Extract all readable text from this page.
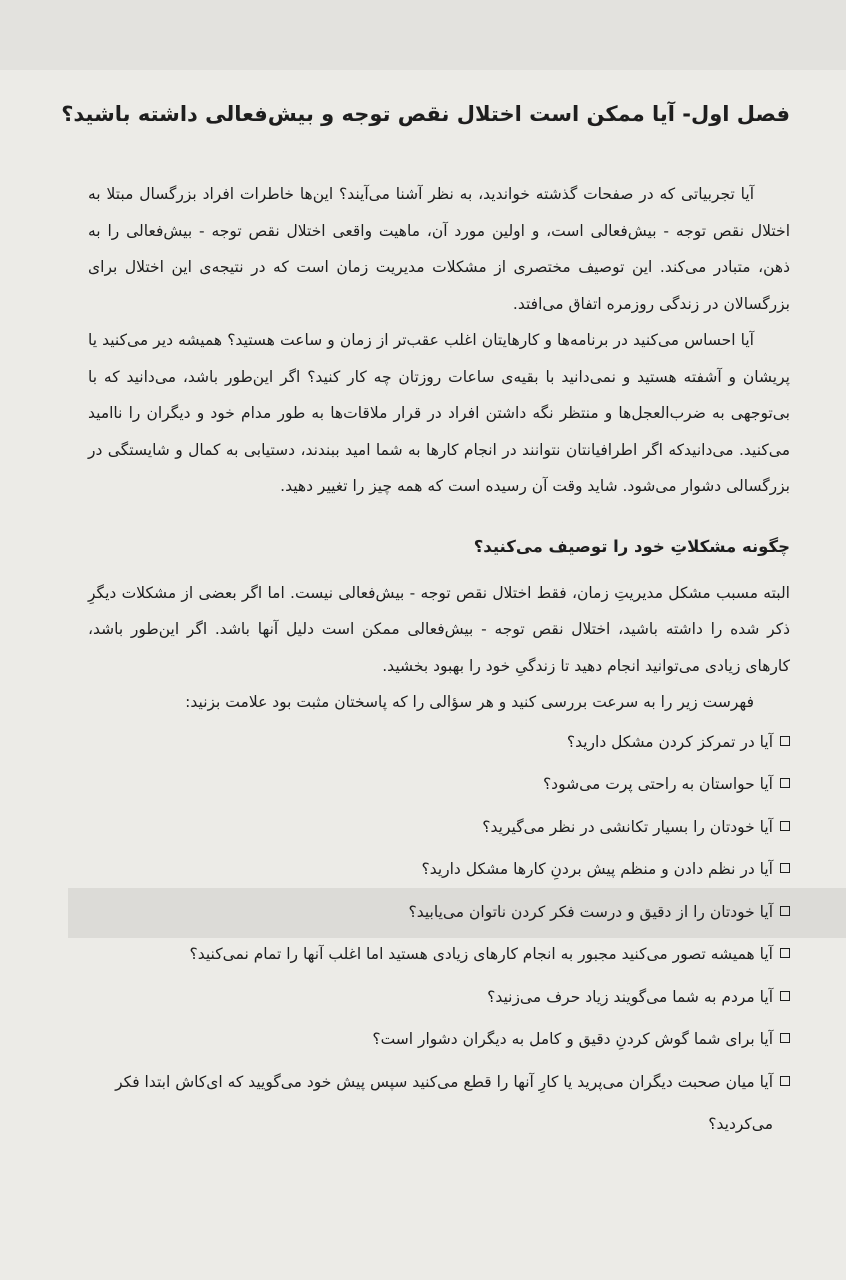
فصل اول- آیا ممکن است اختلال نقص توجه و بیش‌فعالی داشته باشید؟

آیا تجربیاتی که در صفحات گذشته خواندید، به نظر آشنا می‌آیند؟ این‌ها خاطرات افراد بزرگسال مبتلا به اختلال نقص توجه - بیش‌فعالی است، و اولین مورد آن، ماهیت واقعی اختلال نقص توجه - بیش‌فعالی را به ذهن، متبادر می‌کند. این توصیف مختصری از مشکلات مدیریت زمان است که در نتیجه‌ی این اختلال برای بزرگسالان در زندگی روزمره اتفاق می‌افتد.

آیا احساس می‌کنید در برنامه‌ها و کارهایتان اغلب عقب‌تر از زمان و ساعت هستید؟ همیشه دیر می‌کنید یا پریشان و آشفته هستید و نمی‌دانید با بقیه‌ی ساعات روزتان چه کار کنید؟ اگر این‌طور باشد، می‌دانید که با بی‌توجهی به ضرب‌العجل‌ها و منتظر نگه داشتن افراد در قرار ملاقات‌ها به طور مدام خود و دیگران را ناامید می‌کنید. می‌دانید‌که اگر اطرافیانتان نتوانند در انجام کارها به شما امید ببندند، دستیابی به کمال و شایستگی در بزرگسالی دشوار می‌شود. شاید وقت آن رسیده است که همه چیز را تغییر دهید.

چگونه مشکلاتِ خود را توصیف می‌کنید؟

البته مسبب مشکل مدیریتِ زمان، فقط اختلال نقص توجه - بیش‌فعالی نیست. اما اگر بعضی از مشکلات دیگرِ ذکر شده را داشته باشید، اختلال نقص توجه - بیش‌فعالی ممکن است دلیل آنها باشد. اگر این‌طور باشد، کارهای زیادی می‌توانید انجام دهید تا زندگیِ خود را بهبود بخشید.

فهرست زیر را به سرعت بررسی کنید و هر سؤالی را که پاسختان مثبت بود علامت بزنید:

آیا در تمرکز کردن مشکل دارید؟
آیا حواستان به راحتی پرت می‌شود؟
آیا خودتان را بسیار تکانشی در نظر می‌گیرید؟
آیا در نظم دادن و منظم پیش بردنِ کارها مشکل دارید؟
آیا خودتان را از دقیق و درست فکر کردن ناتوان می‌یابید؟
آیا همیشه تصور می‌کنید مجبور به انجام کارهای زیادی هستید اما اغلب آنها را تمام نمی‌کنید؟
آیا مردم به شما می‌گویند زیاد حرف می‌زنید؟
آیا برای شما گوش کردنِ دقیق و کامل به دیگران دشوار است؟
آیا میان صحبت دیگران می‌پرید یا کارِ آنها را قطع می‌کنید سپس پیش خود می‌گویید که ای‌کاش ابتدا فکر می‌کردید؟
